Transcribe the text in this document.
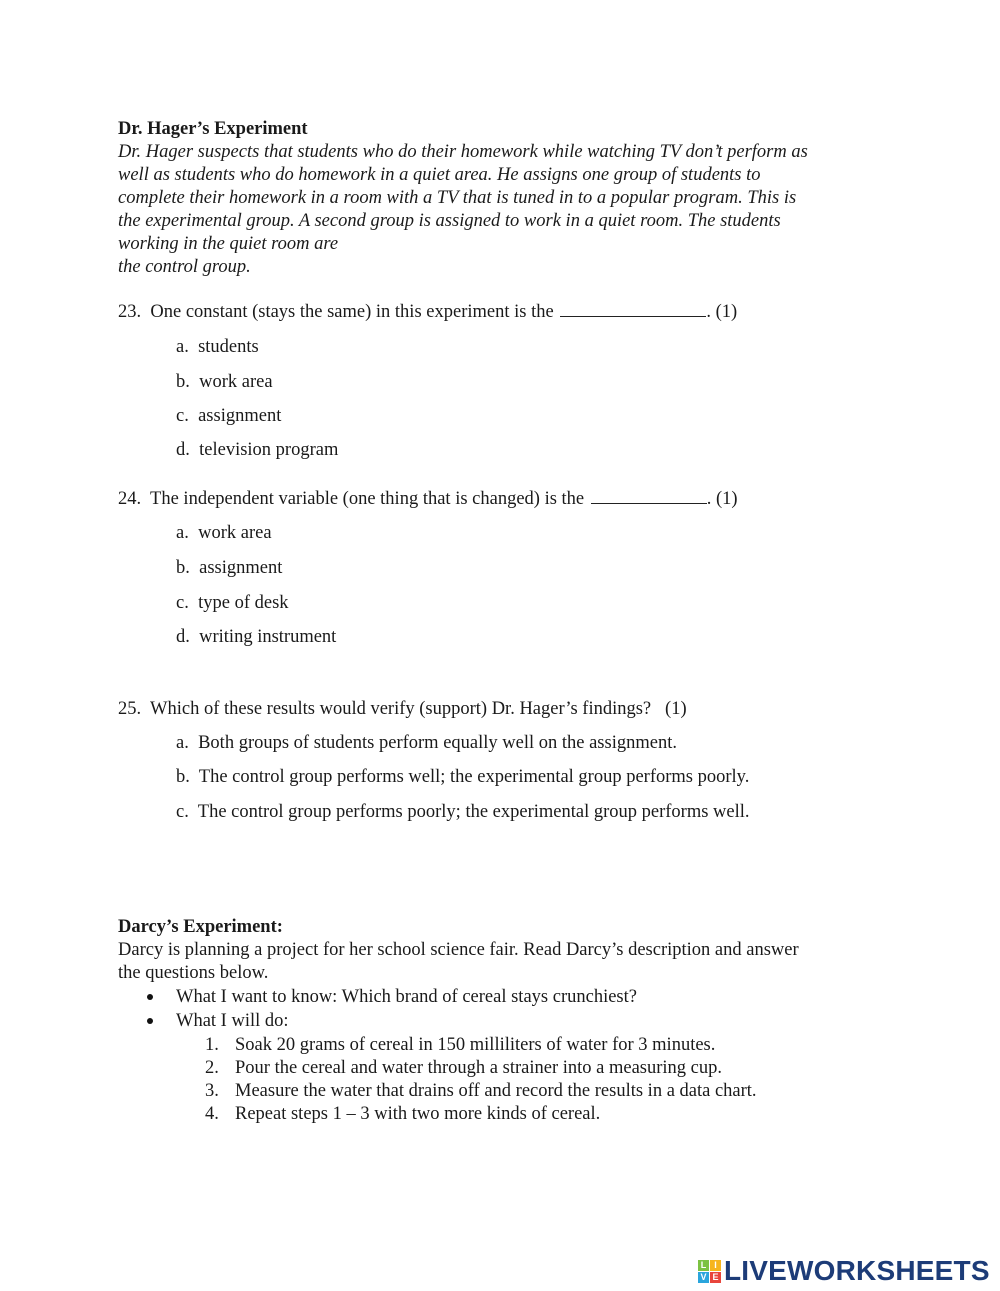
Dr. Hager’s Experiment
Dr. Hager suspects that students who do their homework while watching TV don’t perform as
well as students who do homework in a quiet area. He assigns one group of students to
complete their homework in a room with a TV that is tuned in to a popular program. This is
the experimental group. A second group is assigned to work in a quiet room. The students
working in the quiet room are
the control group.
23. One constant (stays the same) in this experiment is the	. (1)
a. students
b. work area
c. assignment
d. television program
24. The independent variable (one thing that is changed) is the	. (1)
a. work area
b. assignment
c. type of desk
d. writing instrument
25. Which of these results would verify (support) Dr. Hager’s findings? (1)
a. Both groups of students perform equally well on the assignment.
b. The control group performs well; the experimental group performs poorly.
c. The control group performs poorly; the experimental group performs well.
Darcy’s Experiment:
Darcy is planning a project for her school science fair. Read Darcy’s description and answer
the questions below.
What I want to know: Which brand of cereal stays crunchiest?
What I will do:
1. Soak 20 grams of cereal in 150 milliliters of water for 3 minutes.
2. Pour the cereal and water through a strainer into a measuring cup.
3. Measure the water that drains off and record the results in a data chart.
4. Repeat steps 1 – 3 with two more kinds of cereal.
L I
V E LIVEWORKSHEETS
